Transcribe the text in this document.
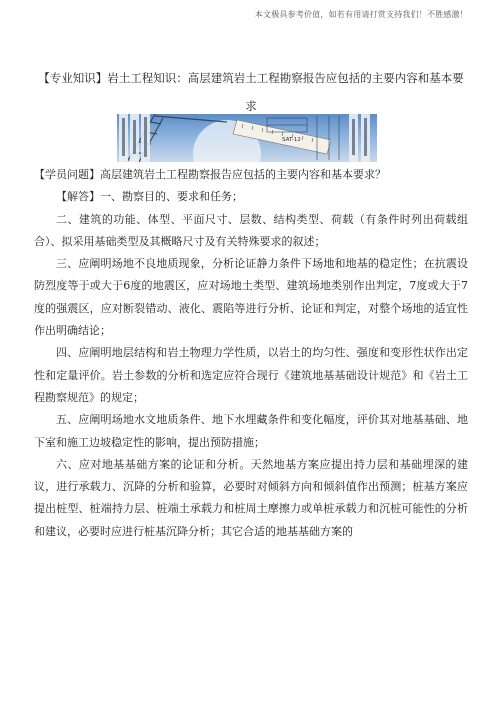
本文极具参考价值，如若有用请打赏支持我们！不胜感激！
【专业知识】岩土工程知识：高层建筑岩土工程勘察报告应包括的主要内容和基本要求
SAT-12

【学员问题】高层建筑岩土工程勘察报告应包括的主要内容和基本要求？

【解答】一、勘察目的、要求和任务；

二、建筑的功能、体型、平面尺寸、层数、结构类型、荷载（有条件时列出荷载组合）、拟采用基础类型及其概略尺寸及有关特殊要求的叙述；

三、应阐明场地不良地质现象，分析论证静力条件下场地和地基的稳定性；在抗震设防烈度等于或大于6度的地震区，应对场地土类型、建筑场地类别作出判定，7度或大于7度的强震区，应对断裂错动、液化、震陷等进行分析、论证和判定，对整个场地的适宜性作出明确结论；

四、应阐明地层结构和岩土物理力学性质，以岩土的均匀性、强度和变形性状作出定性和定量评价。岩土参数的分析和选定应符合现行《建筑地基基础设计规范》和《岩土工程勘察规范》的规定；

五、应阐明场地水文地质条件、地下水埋藏条件和变化幅度，评价其对地基基础、地下室和施工边坡稳定性的影响，提出预防措施；

六、应对地基基础方案的论证和分析。天然地基方案应提出持力层和基础埋深的建议，进行承载力、沉降的分析和验算，必要时对倾斜方向和倾斜值作出预测；桩基方案应提出桩型、桩端持力层、桩端土承载力和桩周土摩擦力或单桩承载力和沉桩可能性的分析和建议，必要时应进行桩基沉降分析；其它合适的地基基础方案的
